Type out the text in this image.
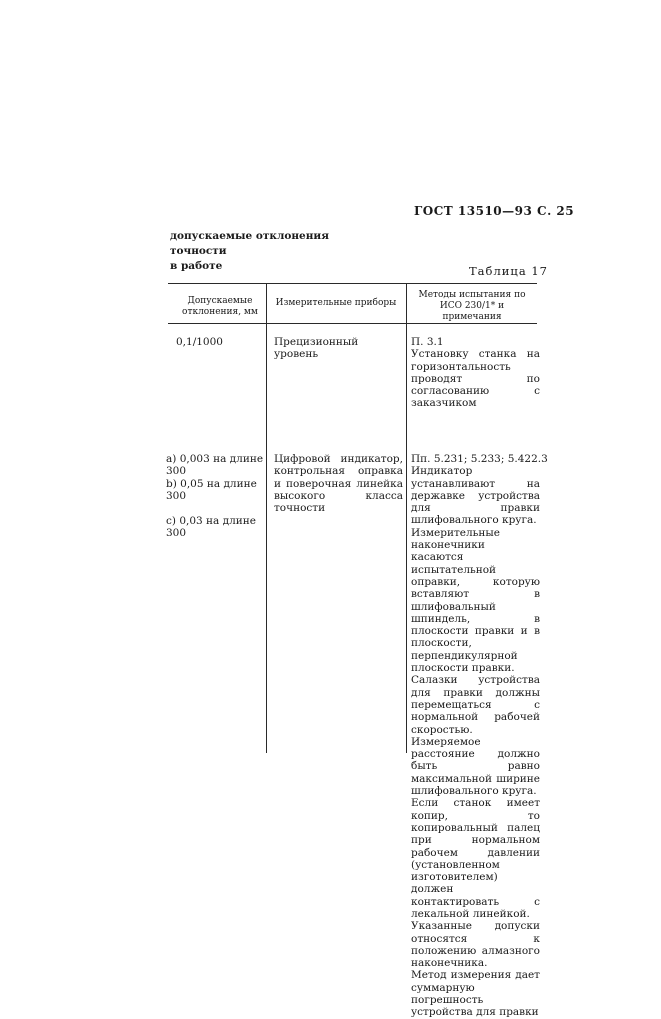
ГОСТ 13510—93 С. 25
допускаемые отклонения
точности
в работе	Таблица 17
Допускаемые отклонения, мм
Измерительные приборы
Методы испытания по ИСО 230/1* и примечания
0,1/1000	Прецизионный уровень
П. 3.1
Установку станка на горизонтальность проводят по согласованию с заказчиком
a) 0,003 на длине 300
b) 0,05 на длине 300
c) 0,03 на длине 300
Цифровой индикатор, контрольная оправка и поверочная линейка высокого класса точности
Пп. 5.231; 5.233; 5.422.3
Индикатор устанавливают на державке устройства для правки шлифовального круга.
Измерительные наконечники касаются испытательной оправки, которую вставляют в шлифовальный шпиндель, в плоскости правки и в плоскости, перпендикулярной плоскости правки.
Салазки устройства для правки должны перемещаться с нормальной рабочей скоростью. Измеряемое расстояние должно быть равно максимальной ширине шлифовального круга.
Если станок имеет копир, то копировальный палец при нормальном рабочем давлении (установленном изготовителем) должен контактировать с лекальной линейкой.
Указанные допуски относятся к положению алмазного наконечника.
Метод измерения дает суммарную погрешность устройства для правки
